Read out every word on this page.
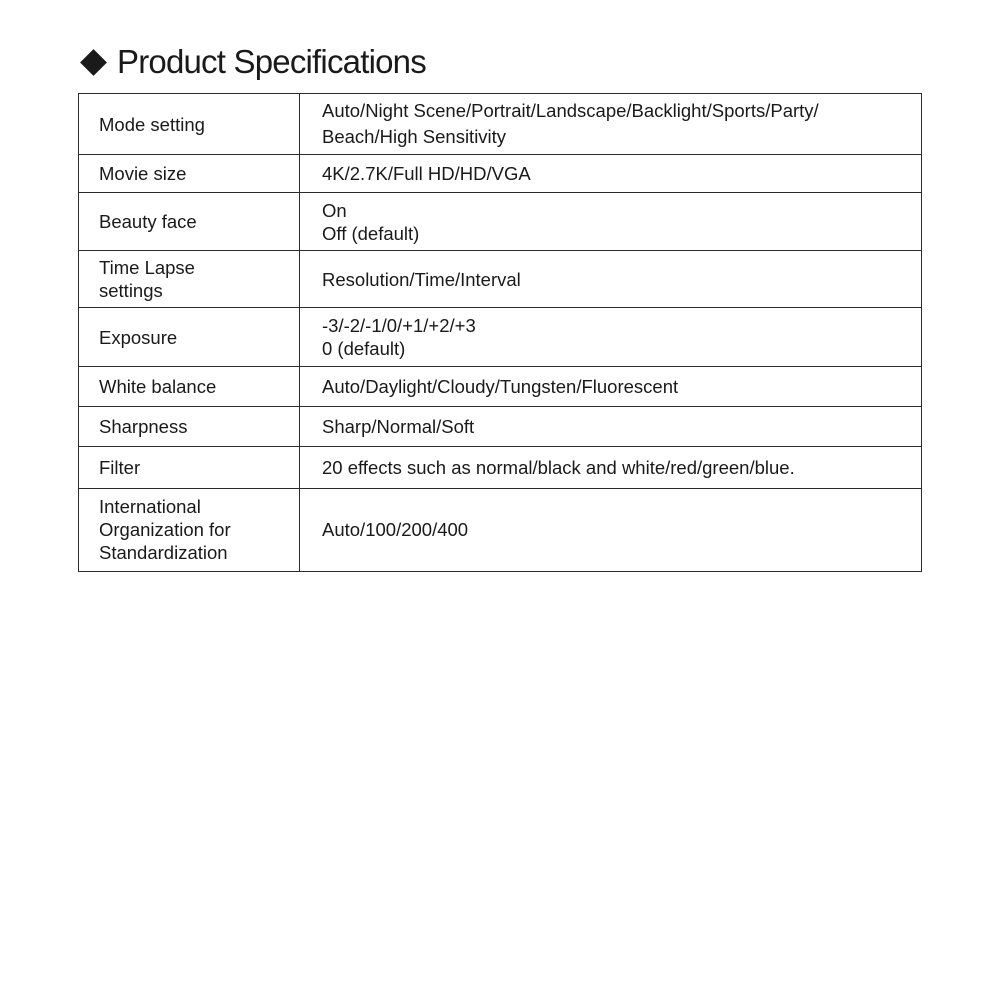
Product Specifications
Mode setting	Auto/Night Scene/Portrait/Landscape/Backlight/Sports/Party/
Beach/High Sensitivity

Movie size	4K/2.7K/Full HD/HD/VGA

Beauty face	On
Off (default)

Time Lapse
settings	Resolution/Time/Interval

Exposure	-3/-2/-1/0/+1/+2/+3
0 (default)

White balance	Auto/Daylight/Cloudy/Tungsten/Fluorescent

Sharpness	Sharp/Normal/Soft

Filter	20 effects such as normal/black and white/red/green/blue.

International
Organization for
Standardization	Auto/100/200/400
